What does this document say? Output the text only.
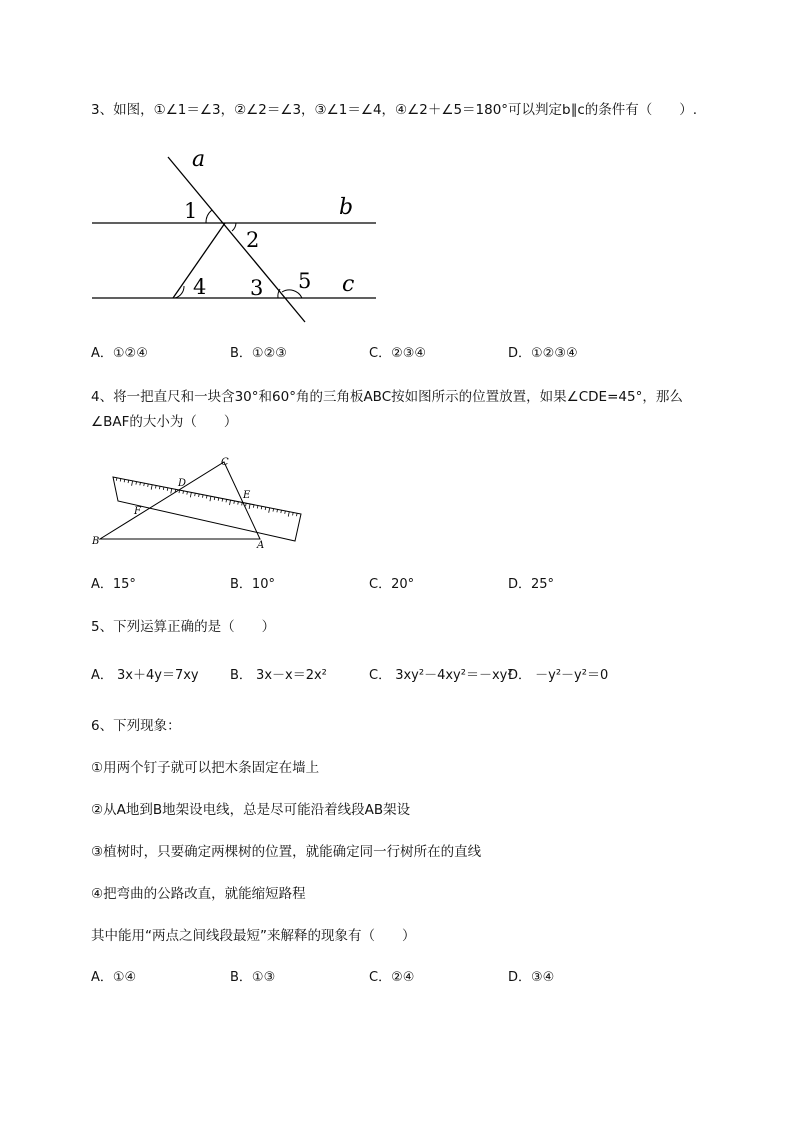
3、如图，①∠1＝∠3，②∠2＝∠3，③∠1＝∠4，④∠2＋∠5＝180°可以判定b∥c的条件有（　　）.
a
b
c
1
2
4 3 5
A．①②④	B．①②③	C．②③④	D．①②③④
4、将一把直尺和一块含30°和60°角的三角板ABC按如图所示的位置放置，如果∠CDE=45°，那么
∠BAF的大小为（　　）
B	A
C
D
E
F
A．15°	B．10°	C．20°	D．25°
5、下列运算正确的是（　　）
A． 3x＋4y＝7xy B． 3x－x＝2x²	C． 3xy²－4xy²＝－xy²
D． －y²－y²＝0
6、下列现象：
①用两个钉子就可以把木条固定在墙上
②从A地到B地架设电线，总是尽可能沿着线段AB架设
③植树时，只要确定两棵树的位置，就能确定同一行树所在的直线
④把弯曲的公路改直，就能缩短路程
其中能用“两点之间线段最短”来解释的现象有（　　）
A．①④	B．①③	C．②④	D．③④
